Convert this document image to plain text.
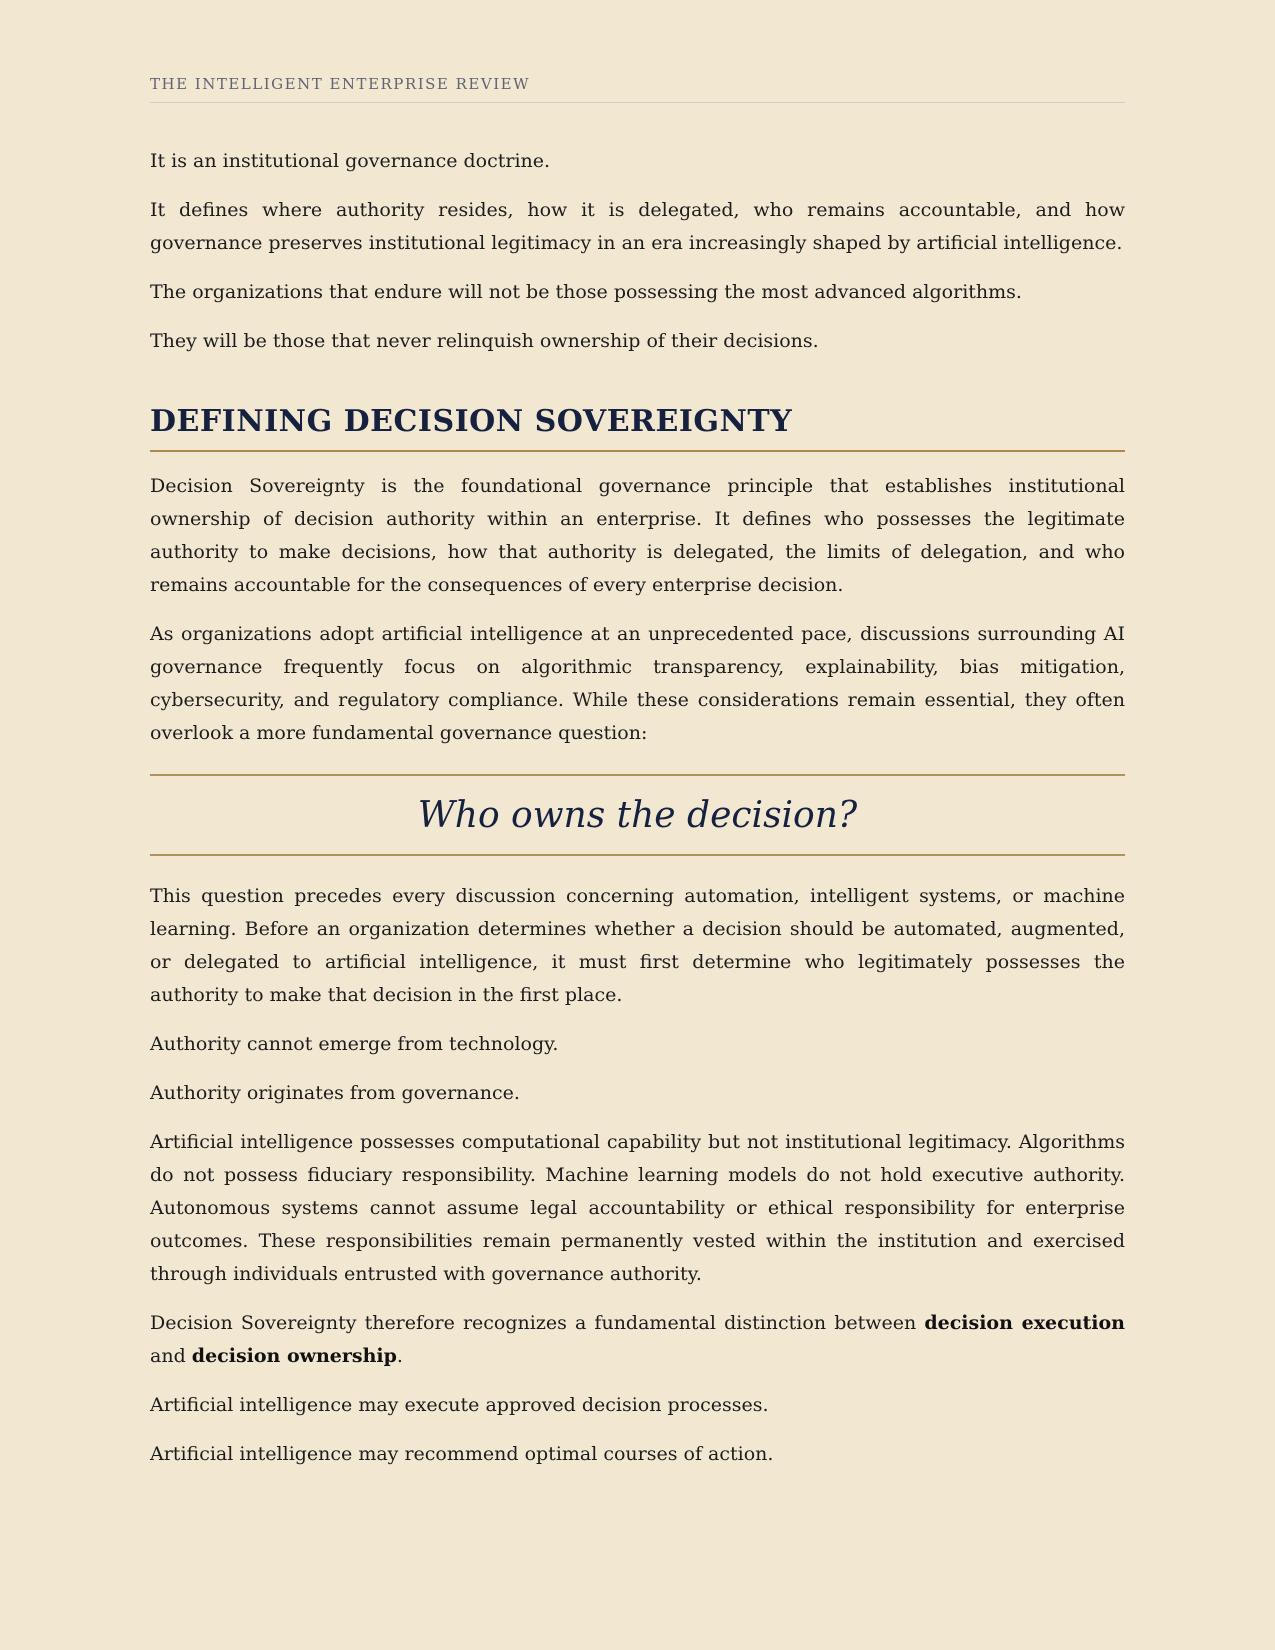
THE INTELLIGENT ENTERPRISE REVIEW

It is an institutional governance doctrine.

It defines where authority resides, how it is delegated, who remains accountable, and how governance preserves institutional legitimacy in an era increasingly shaped by artificial intelligence.

The organizations that endure will not be those possessing the most advanced algorithms.

They will be those that never relinquish ownership of their decisions.

DEFINING DECISION SOVEREIGNTY

Decision Sovereignty is the foundational governance principle that establishes institutional ownership of decision authority within an enterprise. It defines who possesses the legitimate authority to make decisions, how that authority is delegated, the limits of delegation, and who remains accountable for the consequences of every enterprise decision.

As organizations adopt artificial intelligence at an unprecedented pace, discussions surrounding AI governance frequently focus on algorithmic transparency, explainability, bias mitigation, cybersecurity, and regulatory compliance. While these considerations remain essential, they often overlook a more fundamental governance question:

Who owns the decision?

This question precedes every discussion concerning automation, intelligent systems, or machine learning. Before an organization determines whether a decision should be automated, augmented, or delegated to artificial intelligence, it must first determine who legitimately possesses the authority to make that decision in the first place.

Authority cannot emerge from technology.

Authority originates from governance.

Artificial intelligence possesses computational capability but not institutional legitimacy. Algorithms do not possess fiduciary responsibility. Machine learning models do not hold executive authority. Autonomous systems cannot assume legal accountability or ethical responsibility for enterprise outcomes. These responsibilities remain permanently vested within the institution and exercised through individuals entrusted with governance authority.

Decision Sovereignty therefore recognizes a fundamental distinction between decision execution and decision ownership.

Artificial intelligence may execute approved decision processes.

Artificial intelligence may recommend optimal courses of action.
